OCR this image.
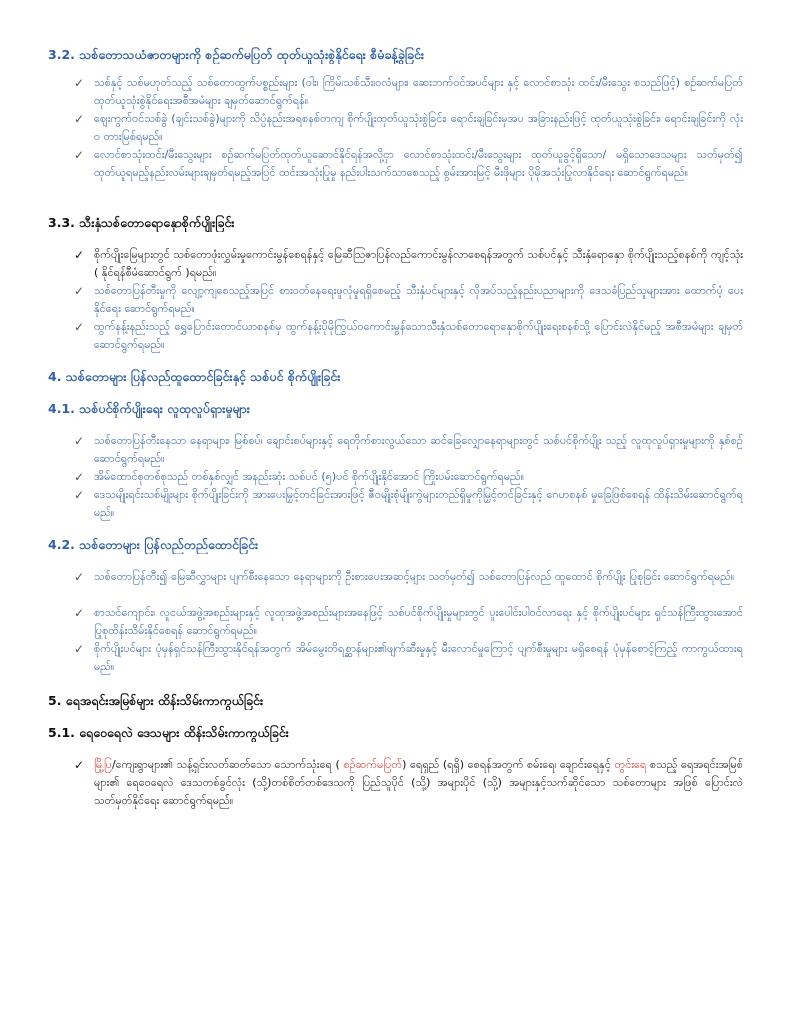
3.2. သစ်တောသယံဇာတများကို စဉ်ဆက်မပြတ် ထုတ်ယူသုံးစွဲနိုင်ရေး စီမံခန့်ခွဲခြင်း

✓ သစ်နှင့် သစ်မဟုတ်သည့် သစ်တောထွက်ပစ္စည်းများ (ဝါး၊ ကြိမ်၊သစ်သီး၊ဝလံများ၊ ဆေးဘက်ဝင်အပင်များ နှင့် လောင်စာသုံး ထင်း/မီးသွေး စသည်ဖြင့်) စဉ်ဆက်မပြတ်ထုတ်ယူသုံးစွဲနိုင်ရေးအစီအမံများ ချမှတ်ဆောင်ရွက်ရန်။
✓ ဈေးကွက်ဝင်သစ်ခွဲ (ချင်းသစ်ခွဲ)များကို သိပ္ပံနည်းအရစနစ်တကျ စိုက်ပျိုးထုတ်ယူသုံးစွဲခြင်း၊ ရောင်းချခြင်းမှအပ အခြားနည်းဖြင့် ထုတ်ယူသုံးစွဲခြင်း၊ ရောင်းချခြင်းကို လုံးဝ တားမြစ်ရမည်။
✓ လောင်စာသုံးထင်း/မီးသွေးများ စဉ်ဆက်မပြတ်ထုတ်ယူဆောင်နိုင်ရန်အလို့ငှာ လောင်စာသုံးထင်း/မီးသွေးများ ထုတ်ယူခွင့်ရှိသော/ မရှိသောဒေသများ သတ်မှတ်၍ ထုတ်ယူရမည့်နည်းလမ်းများချမှတ်ရမည့်အပြင် ထင်းအသုံးပြုမှု နည်းပါးသက်သာစေသည့် စွမ်းအားမြင့် မီးဖိုများ ပိုမိုအသုံးပြုလာနိုင်ရေး ဆောင်ရွက်ရမည်။

3.3. သီးနှံသစ်တောရောနှောစိုက်ပျိုးခြင်း

✓ စိုက်ပျိုးမြေများတွင် သစ်တောဖုံးလွှမ်းမှုကောင်းမွန်စေရန်နှင့် မြေဆီဩဇာပြန်လည်ကောင်းမွန်လာစေရန်အတွက် သစ်ပင်နှင့် သီးနှံရောနှော စိုက်ပျိုးသည့်စနစ်ကို ကျင့်သုံး ( နိုင်ရန်စီမံဆောင်ရွက် )ရမည်။
✓ သစ်တောပြန်တီးမှုကို လျော့ကျစေသည့်အပြင် စားဝတ်နေရေးဖူလုံမှုရရှိစေမည့် သီးနှံပင်များနှင့် လိုအပ်သည့်နည်းပညာများကို ဒေသခံပြည်သူများအား ထောက်ပံ့ ပေးနိုင်ရေး ဆောင်ရွက်ရမည်။
✓ ထွက်နန့်းနည်းသည့် ရွှေပြောင်းတောင်ယာစနစ်မှ ထွက်နန့်းပိုမိုကြွယ်ဝကောင်းမွန်သောသီးနှံသစ်တောရောနှောစိုက်ပျိုးရေးစနစ်သို့ ပြောင်းလဲနိုင်မည့် အစီအမံများ ချမှတ် ဆောင်ရွက်ရမည်။

4. သစ်တောများ ပြန်လည်ထူထောင်ခြင်းနှင့် သစ်ပင် စိုက်ပျိုးခြင်း

4.1. သစ်ပင်စိုက်ပျိုးရေး လူထုလှုပ်ရှားမှုများ

✓ သစ်တောပြန်တီးနေသာ နေရာများ၊ မြစ်စပ်၊ ချောင်းစပ်များနှင့် ရေတိုက်စားလွယ်သော ဆင်ခြေလျှောနေရာများတွင် သစ်ပင်စိုက်ပျိုး သည့် လူထုလှုပ်ရှားမှုများကို နှစ်စဉ် ဆောင်ရွက်ရမည်။
✓ အိမ်ထောင်စုတစ်စုသည် တစ်နှစ်လျှင် အနည်းဆုံး သစ်ပင် (၅)ပင် စိုက်ပျိုးနိုင်အောင် ကြိုးပမ်းဆောင်ရွက်ရမည်။
✓ ဒေသမျိုးရင်းသစ်မျိုးများ စိုက်ပျိုးခြင်းကို အားပေးမြှင့်တင်ခြင်းအားဖြင့် ဇီဝမျိုးစုံမျိုးကွဲများတည်ရှိမှုကိုမြှင့်တင်ခြင်းနှင့် ဂေဟစနစ် မှုခြေဖြစ်စေရန် ထိန်းသိမ်းဆောင်ရွက်ရမည်။

4.2. သစ်တောများ ပြန်လည်တည်ထောင်ခြင်း

✓ သစ်တောပြန်တီး၍ မြေဆီလွှာများ ပျက်စီးနေသော နေရာများကို ဦးစားပေးအဆင့်များ သတ်မှတ်၍ သစ်တောပြန်လည် ထူထောင် စိုက်ပျိုး ပြုစုခြင်း ဆောင်ရွက်ရမည်။
✓ စာသင်ကျောင်း၊ လူငယ်အဖွဲ့အစည်းများနှင့် လူထုအဖွဲ့အစည်းများအနေဖြင့် သစ်ပင်စိုက်ပျိုးမှုများတွင် ပူးပေါင်းပါဝင်လာရေး နှင့် စိုက်ပျိုးပင်များ ရှင်သန်ကြီးထွားအောင် ပြုစုထိန်းသိမ်းနိုင်စေရန် ဆောင်ရွက်ရမည်။
✓ စိုက်ပျိုးပင်များ ပုံမှန်ရှင်သန်ကြီးထွားနိုင်ရန်အတွက် အိမ်မွေးတိရစ္ဆာန်များ၏ဖျက်ဆီးမှုနှင့် မီးလောင်မှုကြောင့် ပျက်စီးမှုများ မရှိစေရန် ပုံမှန်စောင့်ကြည့် ကာကွယ်ထားရမည်။

5. ရေအရင်းအမြစ်များ ထိန်းသိမ်းကာကွယ်ခြင်း

5.1. ရေဝေရေလဲ ဒေသများ ထိန်းသိမ်းကာကွယ်ခြင်း

✓ မြို့ပြ/ကျေးရွာများ၏ သန့်ရှင်းလတ်ဆတ်သော သောက်သုံးရေ ( စဉ်ဆက်မပြတ်) ရေရှည် (ရရှိ) စေရန်အတွက် စမ်းရေ၊ ချောင်းရေနှင့် တွင်းရေ စသည့် ရေအရင်းအမြစ်များ၏ ရေဝေရေလဲ ဒေသတစ်ခွင်လုံး (သို့)တစ်စိတ်တစ်ဒေသကို ပြည်သူပိုင် (သို့) အများပိုင် (သို့) အများနှင့်သက်ဆိုင်သော သစ်တောများ အဖြစ် ပြောင်းလဲ သတ်မှတ်နိုင်ရေး ဆောင်ရွက်ရမည်။
